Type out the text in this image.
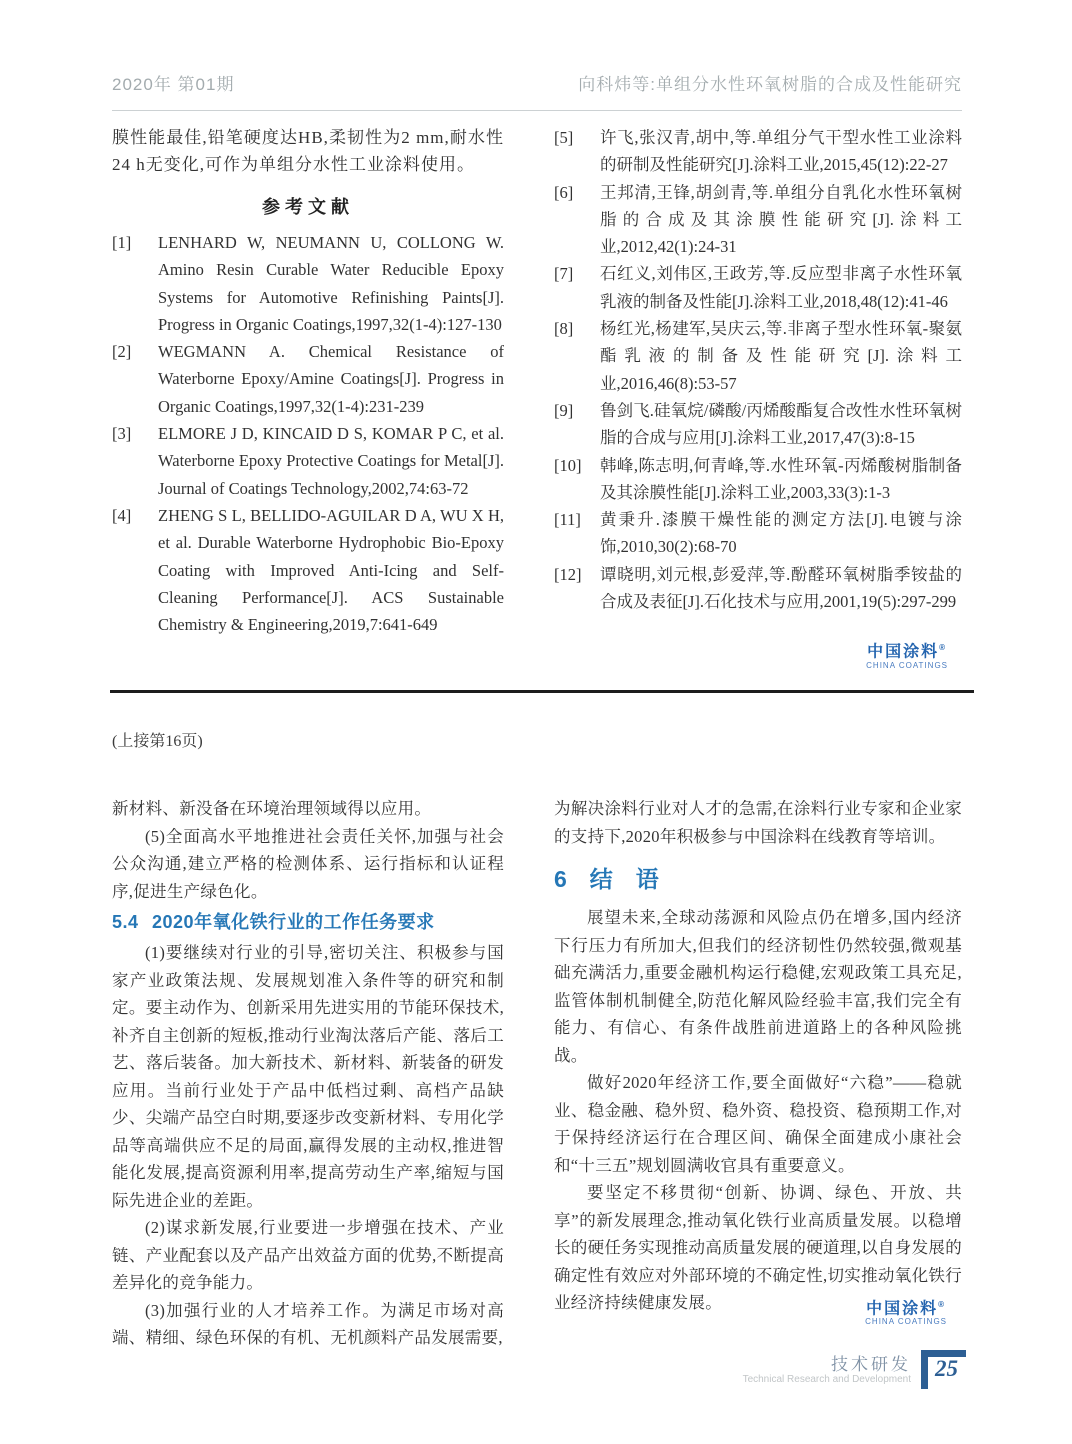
2020年 第01期	向科炜等:单组分水性环氧树脂的合成及性能研究

膜性能最佳,铅笔硬度达HB,柔韧性为2 mm,耐水性24 h无变化,可作为单组分水性工业涂料使用。

参考文献
[1] LENHARD W, NEUMANN U, COLLONG W. Amino Resin Curable Water Reducible Epoxy Systems for Automotive Refinishing Paints[J]. Progress in Organic Coatings,1997,32(1-4):127-130
[2] WEGMANN A. Chemical Resistance of Waterborne Epoxy/Amine Coatings[J]. Progress in Organic Coatings,1997,32(1-4):231-239
[3] ELMORE J D, KINCAID D S, KOMAR P C, et al. Waterborne Epoxy Protective Coatings for Metal[J]. Journal of Coatings Technology,2002,74:63-72
[4] ZHENG S L, BELLIDO-AGUILAR D A, WU X H, et al. Durable Waterborne Hydrophobic Bio-Epoxy Coating with Improved Anti-Icing and Self-Cleaning Performance[J]. ACS Sustainable Chemistry & Engineering,2019,7:641-649
[5] 许飞,张汉青,胡中,等.单组分气干型水性工业涂料的研制及性能研究[J].涂料工业,2015,45(12):22-27
[6] 王邦清,王锋,胡剑青,等.单组分自乳化水性环氧树脂的合成及其涂膜性能研究[J].涂料工业,2012,42(1):24-31
[7] 石红义,刘伟区,王政芳,等.反应型非离子水性环氧乳液的制备及性能[J].涂料工业,2018,48(12):41-46
[8] 杨红光,杨建军,吴庆云,等.非离子型水性环氧-聚氨酯乳液的制备及性能研究[J].涂料工业,2016,46(8):53-57
[9] 鲁剑飞.硅氧烷/磷酸/丙烯酸酯复合改性水性环氧树脂的合成与应用[J].涂料工业,2017,47(3):8-15
[10] 韩峰,陈志明,何青峰,等.水性环氧-丙烯酸树脂制备及其涂膜性能[J].涂料工业,2003,33(3):1-3
[11] 黄秉升.漆膜干燥性能的测定方法[J].电镀与涂饰,2010,30(2):68-70
[12] 谭晓明,刘元根,彭爱萍,等.酚醛环氧树脂季铵盐的合成及表征[J].石化技术与应用,2001,19(5):297-299
中国涂料®
CHINA COATINGS

(上接第16页)

新材料、新没备在环境治理领域得以应用。

(5)全面高水平地推进社会责任关怀,加强与社会公众沟通,建立严格的检测体系、运行指标和认证程序,促进生产绿色化。

5.4 2020年氧化铁行业的工作任务要求

(1)要继续对行业的引导,密切关注、积极参与国家产业政策法规、发展规划准入条件等的研究和制定。要主动作为、创新采用先进实用的节能环保技术,补齐自主创新的短板,推动行业淘汰落后产能、落后工艺、落后装备。加大新技术、新材料、新装备的研发应用。当前行业处于产品中低档过剩、高档产品缺少、尖端产品空白时期,要逐步改变新材料、专用化学品等高端供应不足的局面,赢得发展的主动权,推进智能化发展,提高资源利用率,提高劳动生产率,缩短与国际先进企业的差距。

(2)谋求新发展,行业要进一步增强在技术、产业链、产业配套以及产品产出效益方面的优势,不断提高差异化的竞争能力。

(3)加强行业的人才培养工作。为满足市场对高端、精细、绿色环保的有机、无机颜料产品发展需要,

为解决涂料行业对人才的急需,在涂料行业专家和企业家的支持下,2020年积极参与中国涂料在线教育等培训。

6 结 语

展望未来,全球动荡源和风险点仍在增多,国内经济下行压力有所加大,但我们的经济韧性仍然较强,微观基础充满活力,重要金融机构运行稳健,宏观政策工具充足,监管体制机制健全,防范化解风险经验丰富,我们完全有能力、有信心、有条件战胜前进道路上的各种风险挑战。

做好2020年经济工作,要全面做好“六稳”——稳就业、稳金融、稳外贸、稳外资、稳投资、稳预期工作,对于保持经济运行在合理区间、确保全面建成小康社会和“十三五”规划圆满收官具有重要意义。

要坚定不移贯彻“创新、协调、绿色、开放、共享”的新发展理念,推动氧化铁行业高质量发展。以稳增长的硬任务实现推动高质量发展的硬道理,以自身发展的确定性有效应对外部环境的不确定性,切实推动氧化铁行业经济持续健康发展。	中国涂料®
CHINA COATINGS
技术研发
Technical Research and Development	25
